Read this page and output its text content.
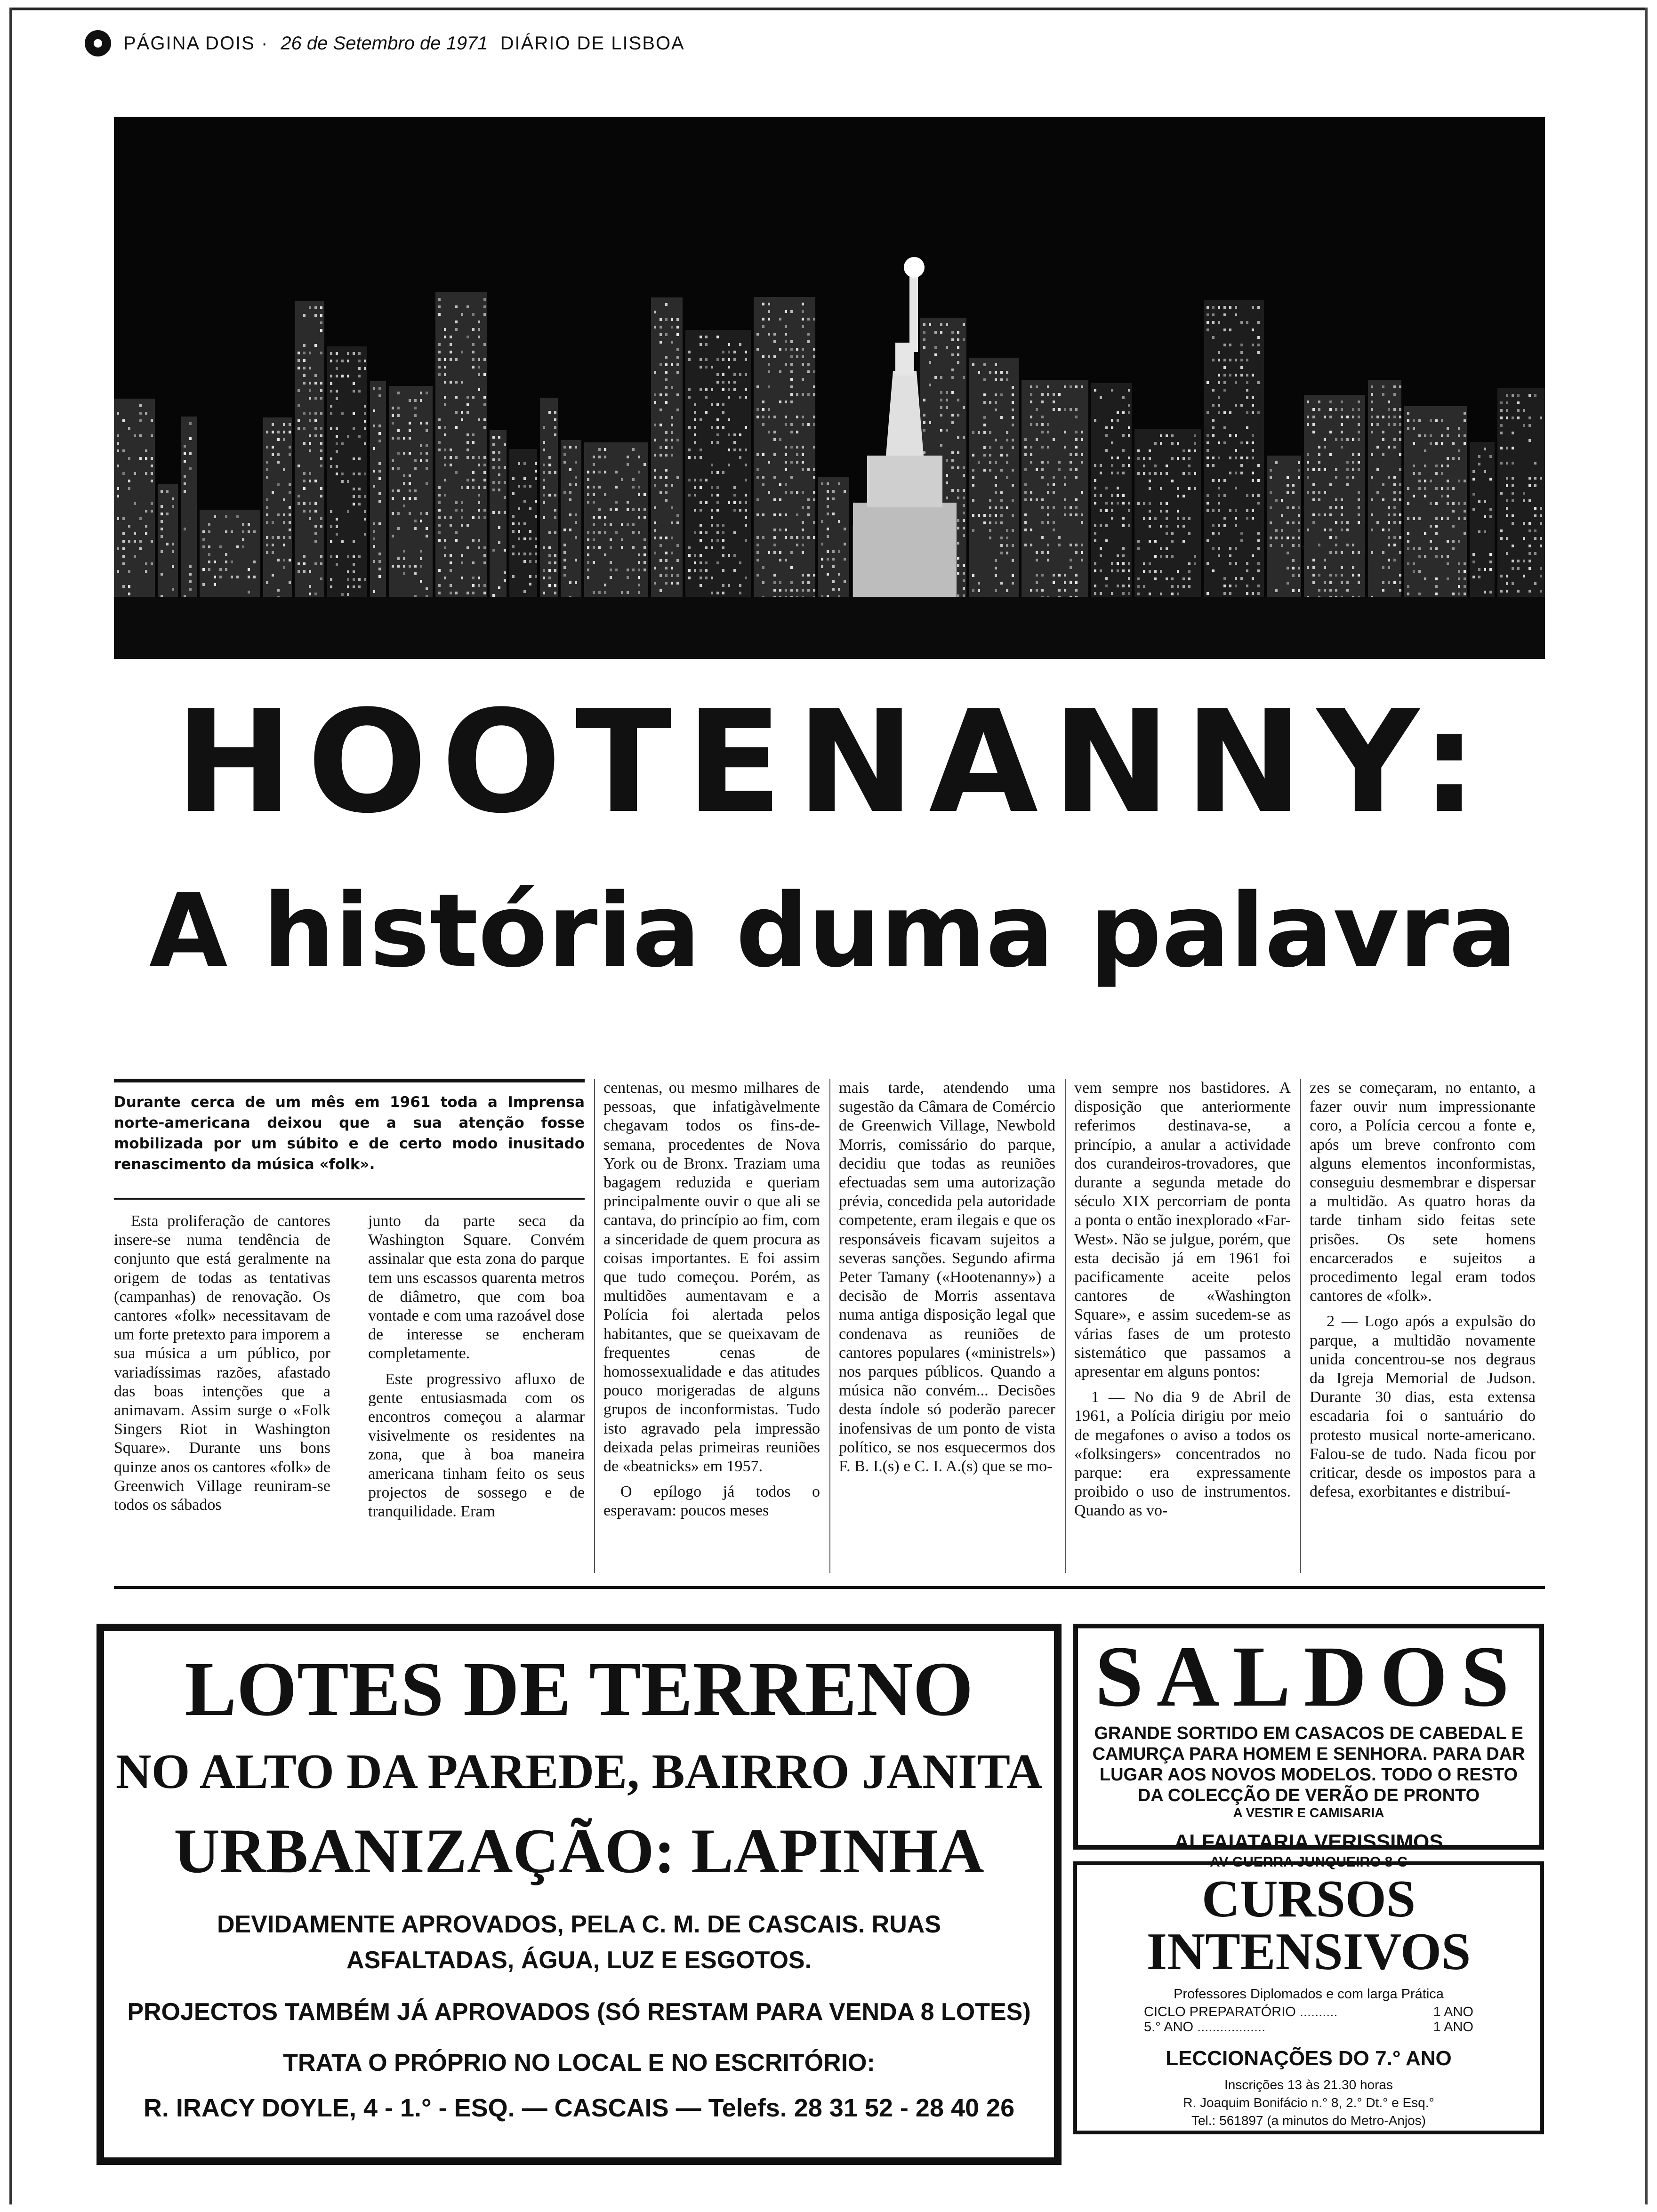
PÁGINA DOIS · 26 de Setembro de 1971 DIÁRIO DE LISBOA
HOOTENANNY:
A história duma palavra
Durante cerca de um mês em 1961 toda a Imprensa norte-americana deixou que a sua atenção fosse mobilizada por um súbito e de certo modo inusitado renascimento da música «folk».

Esta proliferação de cantores insere-se numa tendência de conjunto que está geralmente na origem de todas as tentativas (campanhas) de renovação. Os cantores «folk» necessitavam de um forte pretexto para imporem a sua música a um público, por variadíssimas razões, afastado das boas intenções que a animavam. Assim surge o «Folk Singers Riot in Washington Square». Durante uns bons quinze anos os cantores «folk» de Greenwich Village reuniram-se todos os sábados

junto da parte seca da Washington Square. Convém assinalar que esta zona do parque tem uns escassos quarenta metros de diâmetro, que com boa vontade e com uma razoável dose de interesse se encheram completamente.

Este progressivo afluxo de gente entusiasmada com os encontros começou a alarmar visivelmente os residentes na zona, que à boa maneira americana tinham feito os seus projectos de sossego e de tranquilidade. Eram

centenas, ou mesmo milhares de pessoas, que infatigàvelmente chegavam todos os fins-de-semana, procedentes de Nova York ou de Bronx. Traziam uma bagagem reduzida e queriam principalmente ouvir o que ali se cantava, do princípio ao fim, com a sinceridade de quem procura as coisas importantes. E foi assim que tudo começou. Porém, as multidões aumentavam e a Polícia foi alertada pelos habitantes, que se queixavam de frequentes cenas de homossexualidade e das atitudes pouco morigeradas de alguns grupos de inconformistas. Tudo isto agravado pela impressão deixada pelas primeiras reuniões de «beatnicks» em 1957.

O epílogo já todos o esperavam: poucos meses

mais tarde, atendendo uma sugestão da Câmara de Comércio de Greenwich Village, Newbold Morris, comissário do parque, decidiu que todas as reuniões efectuadas sem uma autorização prévia, concedida pela autoridade competente, eram ilegais e que os responsáveis ficavam sujeitos a severas sanções. Segundo afirma Peter Tamany («Hootenanny») a decisão de Morris assentava numa antiga disposição legal que condenava as reuniões de cantores populares («ministrels») nos parques públicos. Quando a música não convém... Decisões desta índole só poderão parecer inofensivas de um ponto de vista político, se nos esquecermos dos F. B. I.(s) e C. I. A.(s) que se mo-

vem sempre nos bastidores. A disposição que anteriormente referimos destinava-se, a princípio, a anular a actividade dos curandeiros-trovadores, que durante a segunda metade do século XIX percorriam de ponta a ponta o então inexplorado «Far-West». Não se julgue, porém, que esta decisão já em 1961 foi pacificamente aceite pelos cantores de «Washington Square», e assim sucedem-se as várias fases de um protesto sistemático que passamos a apresentar em alguns pontos:

1 — No dia 9 de Abril de 1961, a Polícia dirigiu por meio de megafones o aviso a todos os «folksingers» concentrados no parque: era expressamente proibido o uso de instrumentos. Quando as vo-

zes se começaram, no entanto, a fazer ouvir num impressionante coro, a Polícia cercou a fonte e, após um breve confronto com alguns elementos inconformistas, conseguiu desmembrar e dispersar a multidão. As quatro horas da tarde tinham sido feitas sete prisões. Os sete homens encarcerados e sujeitos a procedimento legal eram todos cantores de «folk».

2 — Logo após a expulsão do parque, a multidão novamente unida concentrou-se nos degraus da Igreja Memorial de Judson. Durante 30 dias, esta extensa escadaria foi o santuário do protesto musical norte-americano. Falou-se de tudo. Nada ficou por criticar, desde os impostos para a defesa, exorbitantes e distribuí-

LOTES DE TERRENO
NO ALTO DA PAREDE, BAIRRO JANITA
URBANIZAÇÃO: LAPINHA
DEVIDAMENTE APROVADOS, PELA C. M. DE CASCAIS. RUAS ASFALTADAS, ÁGUA, LUZ E ESGOTOS.
PROJECTOS TAMBÉM JÁ APROVADOS (SÓ RESTAM PARA VENDA 8 LOTES)
TRATA O PRÓPRIO NO LOCAL E NO ESCRITÓRIO:
R. IRACY DOYLE, 4 - 1.° - ESQ. — CASCAIS — Telefs. 28 31 52 - 28 40 26
SALDOS
GRANDE SORTIDO EM CASACOS DE CABEDAL E CAMURÇA PARA HOMEM E SENHORA. PARA DAR LUGAR AOS NOVOS MODELOS. TODO O RESTO DA COLECÇÃO DE VERÃO DE PRONTO
A VESTIR E CAMISARIA
ALFAIATARIA VERISSIMOS
AV GUERRA JUNQUEIRO 8-C
CURSOS INTENSIVOS
Professores Diplomados e com larga Prática
CICLO PREPARATÓRIO ..........	1 ANO
5.° ANO ..................	1 ANO
LECCIONAÇÕES DO 7.° ANO
Inscrições 13 às 21.30 horas
R. Joaquim Bonifácio n.° 8, 2.° Dt.° e Esq.°
Tel.: 561897 (a minutos do Metro-Anjos)
